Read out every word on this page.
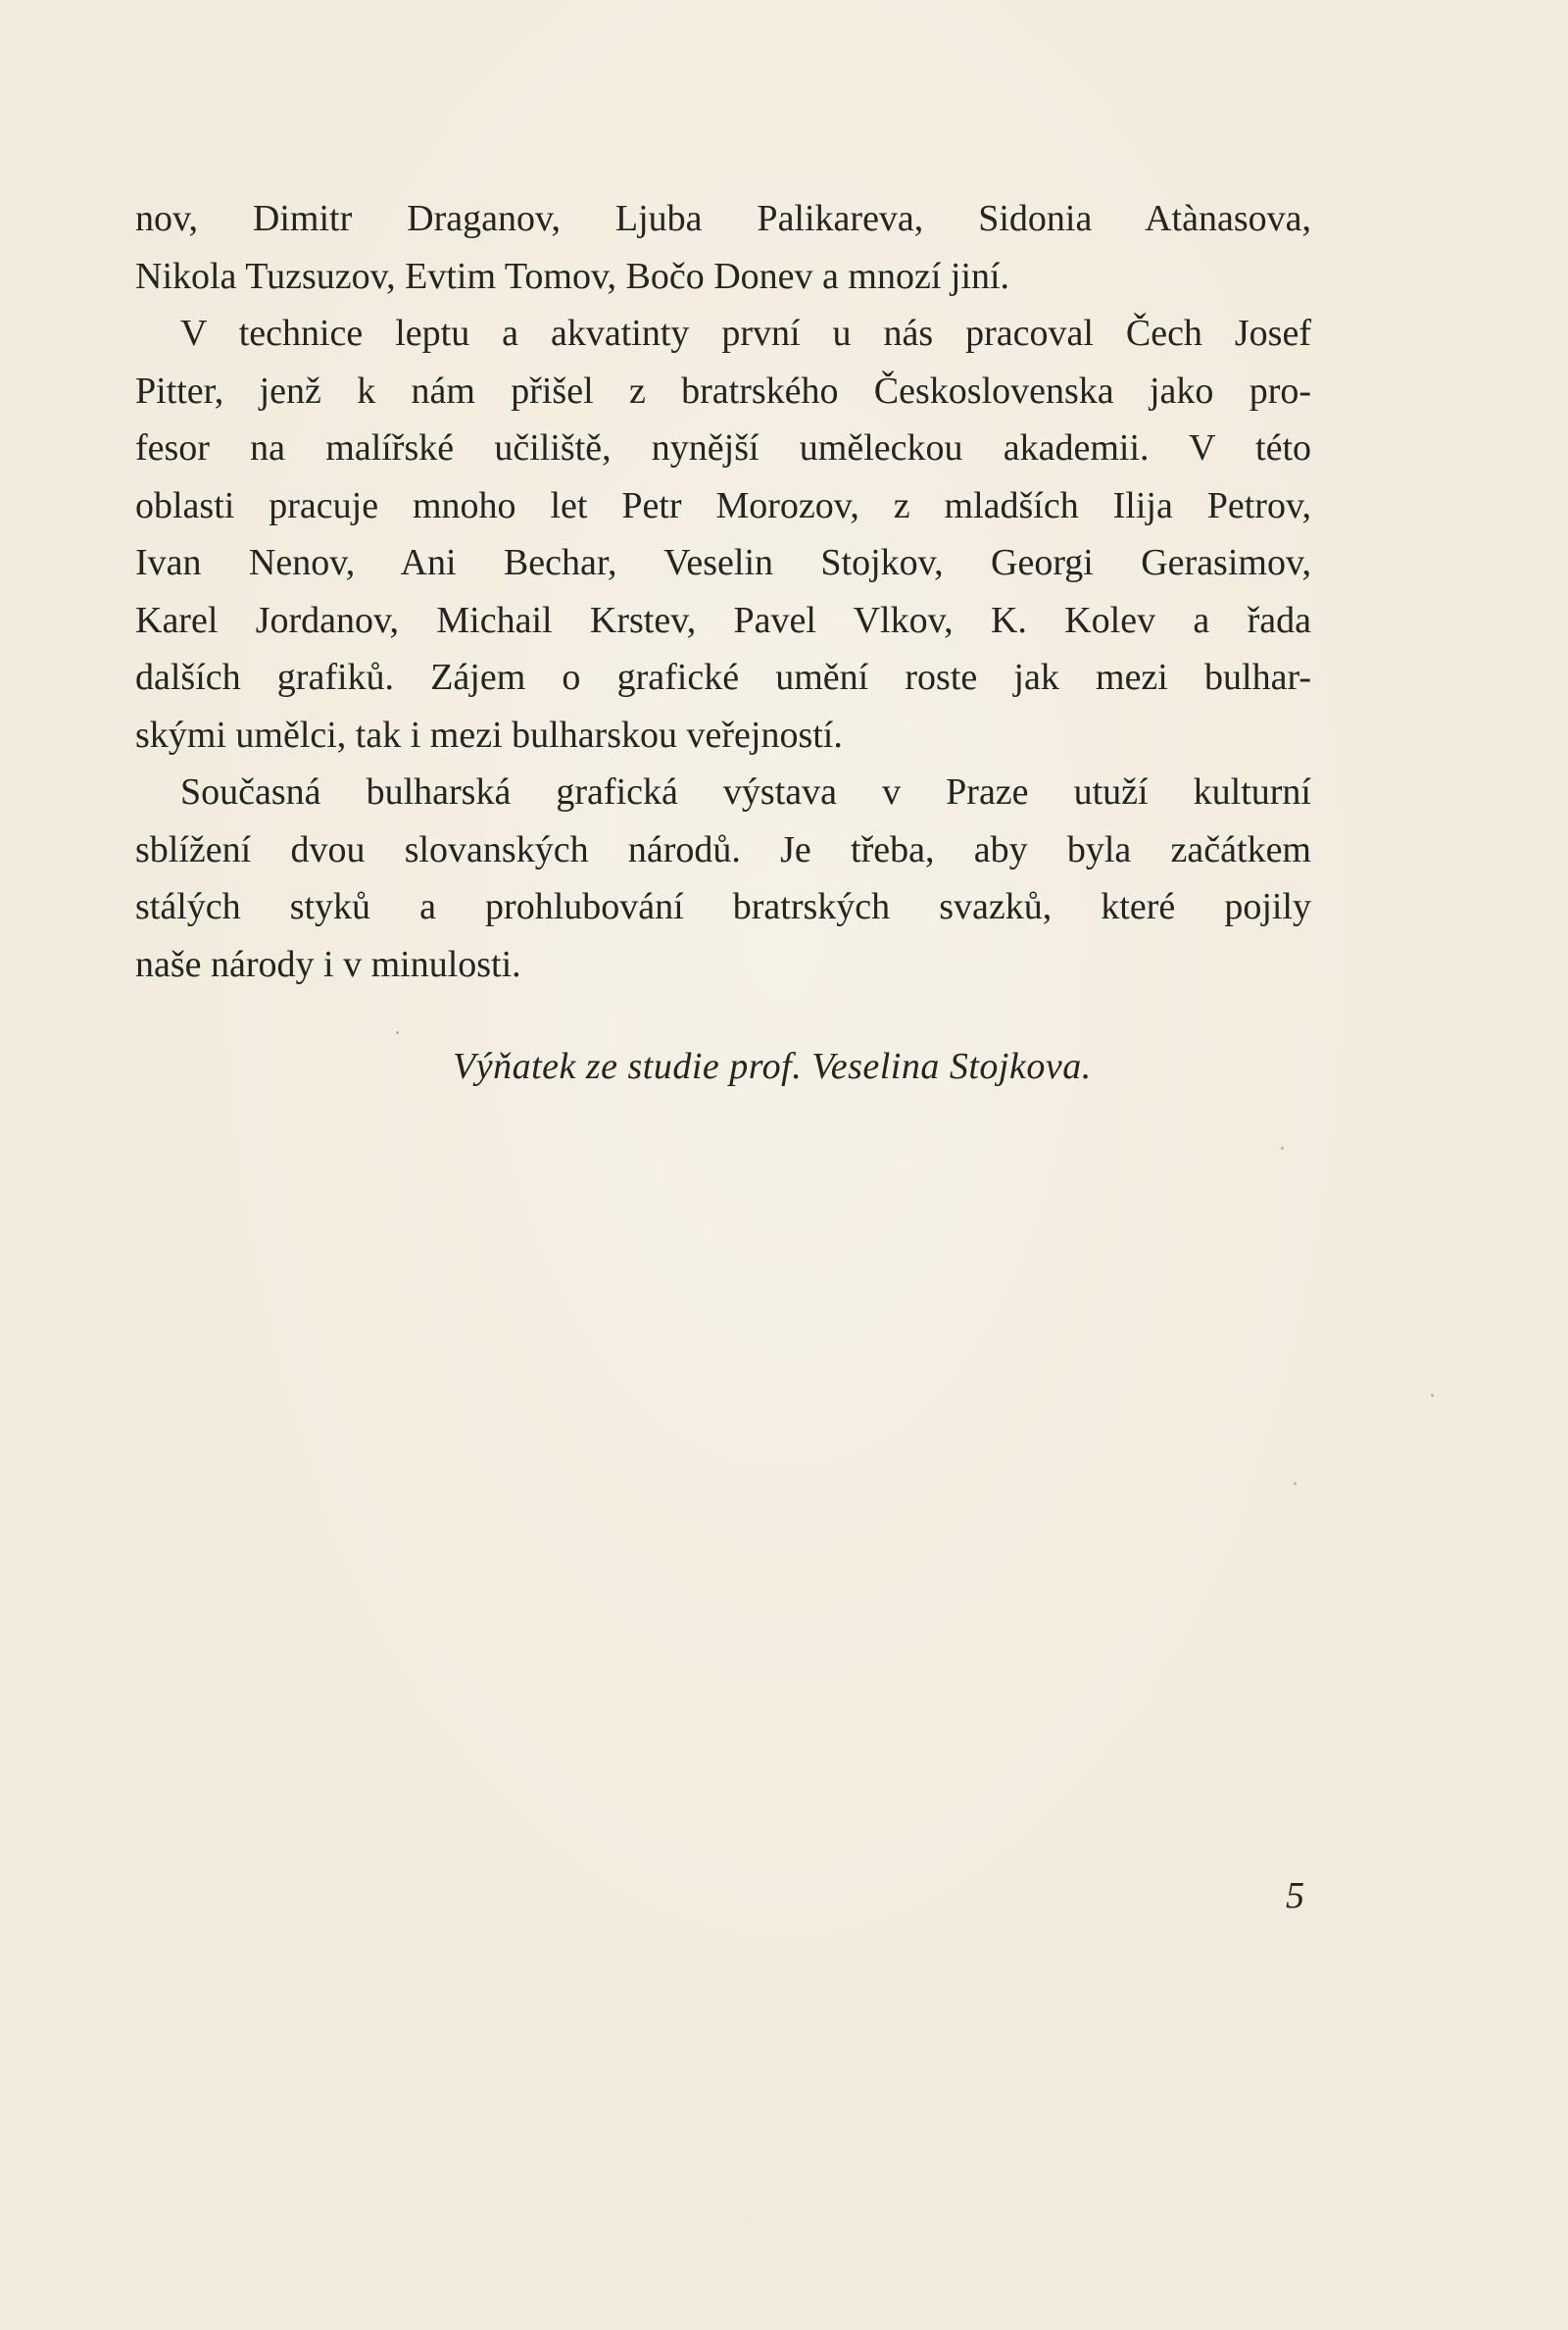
nov, Dimitr Draganov, Ljuba Palikareva, Sidonia Atànasova,
Nikola Tuzsuzov, Evtim Tomov, Bočo Donev a mnozí jiní.
V technice leptu a akvatinty první u nás pracoval Čech Josef
Pitter, jenž k nám přišel z bratrského Československa jako pro-
fesor na malířské učiliště, nynější uměleckou akademii. V této
oblasti pracuje mnoho let Petr Morozov, z mladších Ilija Petrov,
Ivan Nenov, Ani Bechar, Veselin Stojkov, Georgi Gerasimov,
Karel Jordanov, Michail Krstev, Pavel Vlkov, K. Kolev a řada
dalších grafiků. Zájem o grafické umění roste jak mezi bulhar-
skými umělci, tak i mezi bulharskou veřejností.
Současná bulharská grafická výstava v Praze utuží kulturní
sblížení dvou slovanských národů. Je třeba, aby byla začátkem
stálých styků a prohlubování bratrských svazků, které pojily
naše národy i v minulosti.
Výňatek ze studie prof. Veselina Stojkova.
5
